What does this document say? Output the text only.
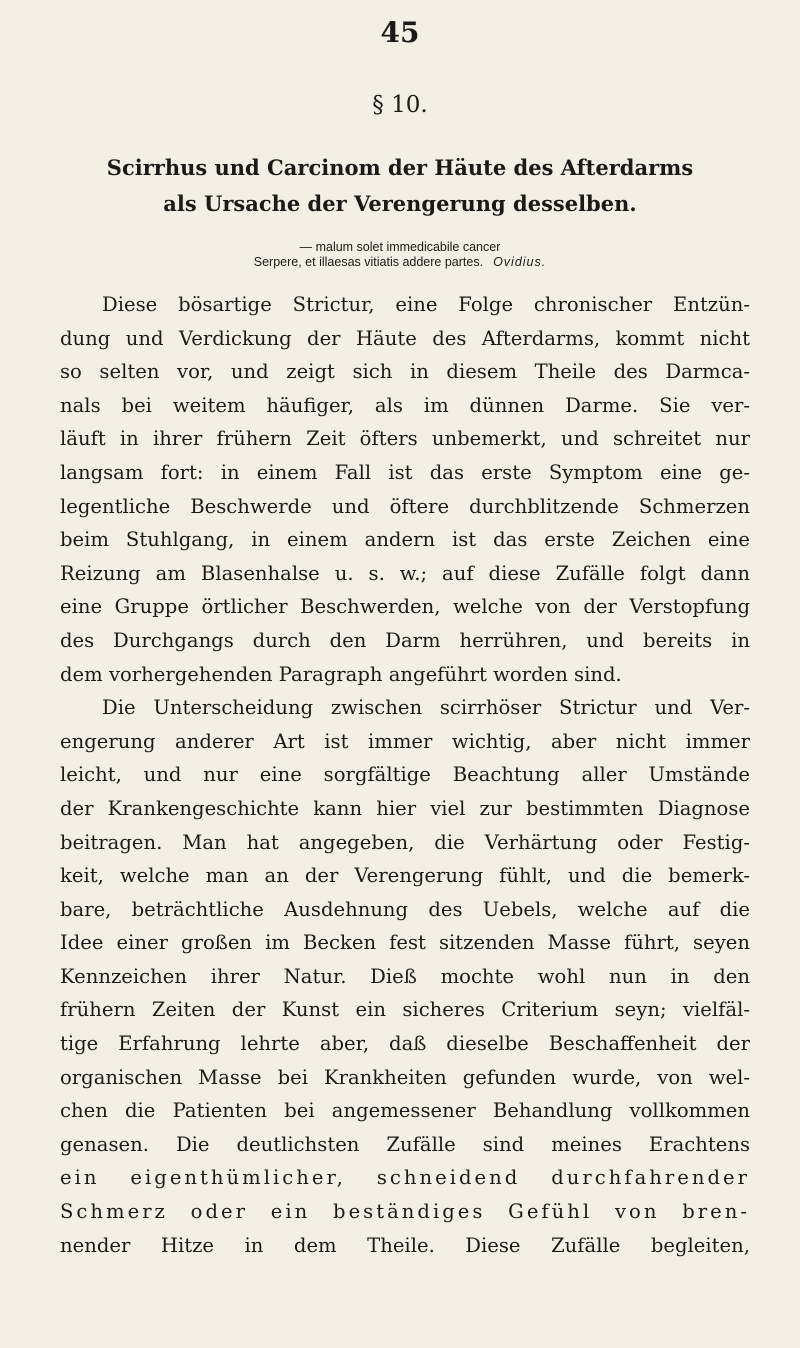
45
§ 10.
Scirrhus und Carcinom der Häute des Afterdarms
als Ursache der Verengerung desselben.
— malum solet immedicabile cancer
Serpere, et illaesas vitiatis addere partes. Ovidius.
Diese bösartige Strictur, eine Folge chronischer Entzün-
dung und Verdickung der Häute des Afterdarms, kommt nicht
so selten vor, und zeigt sich in diesem Theile des Darmca-
nals bei weitem häufiger, als im dünnen Darme. Sie ver-
läuft in ihrer frühern Zeit öfters unbemerkt, und schreitet nur
langsam fort: in einem Fall ist das erste Symptom eine ge-
legentliche Beschwerde und öftere durchblitzende Schmerzen
beim Stuhlgang, in einem andern ist das erste Zeichen eine
Reizung am Blasenhalse u. s. w.; auf diese Zufälle folgt dann
eine Gruppe örtlicher Beschwerden, welche von der Verstopfung
des Durchgangs durch den Darm herrühren, und bereits in
dem vorhergehenden Paragraph angeführt worden sind.
Die Unterscheidung zwischen scirrhöser Strictur und Ver-
engerung anderer Art ist immer wichtig, aber nicht immer
leicht, und nur eine sorgfältige Beachtung aller Umstände
der Krankengeschichte kann hier viel zur bestimmten Diagnose
beitragen. Man hat angegeben, die Verhärtung oder Festig-
keit, welche man an der Verengerung fühlt, und die bemerk-
bare, beträchtliche Ausdehnung des Uebels, welche auf die
Idee einer großen im Becken fest sitzenden Masse führt, seyen
Kennzeichen ihrer Natur. Dieß mochte wohl nun in den
frühern Zeiten der Kunst ein sicheres Criterium seyn; vielfäl-
tige Erfahrung lehrte aber, daß dieselbe Beschaffenheit der
organischen Masse bei Krankheiten gefunden wurde, von wel-
chen die Patienten bei angemessener Behandlung vollkommen
genasen. Die deutlichsten Zufälle sind meines Erachtens
ein eigenthümlicher, schneidend durchfahrender
Schmerz oder ein beständiges Gefühl von bren-
nender Hitze in dem Theile. Diese Zufälle begleiten,
